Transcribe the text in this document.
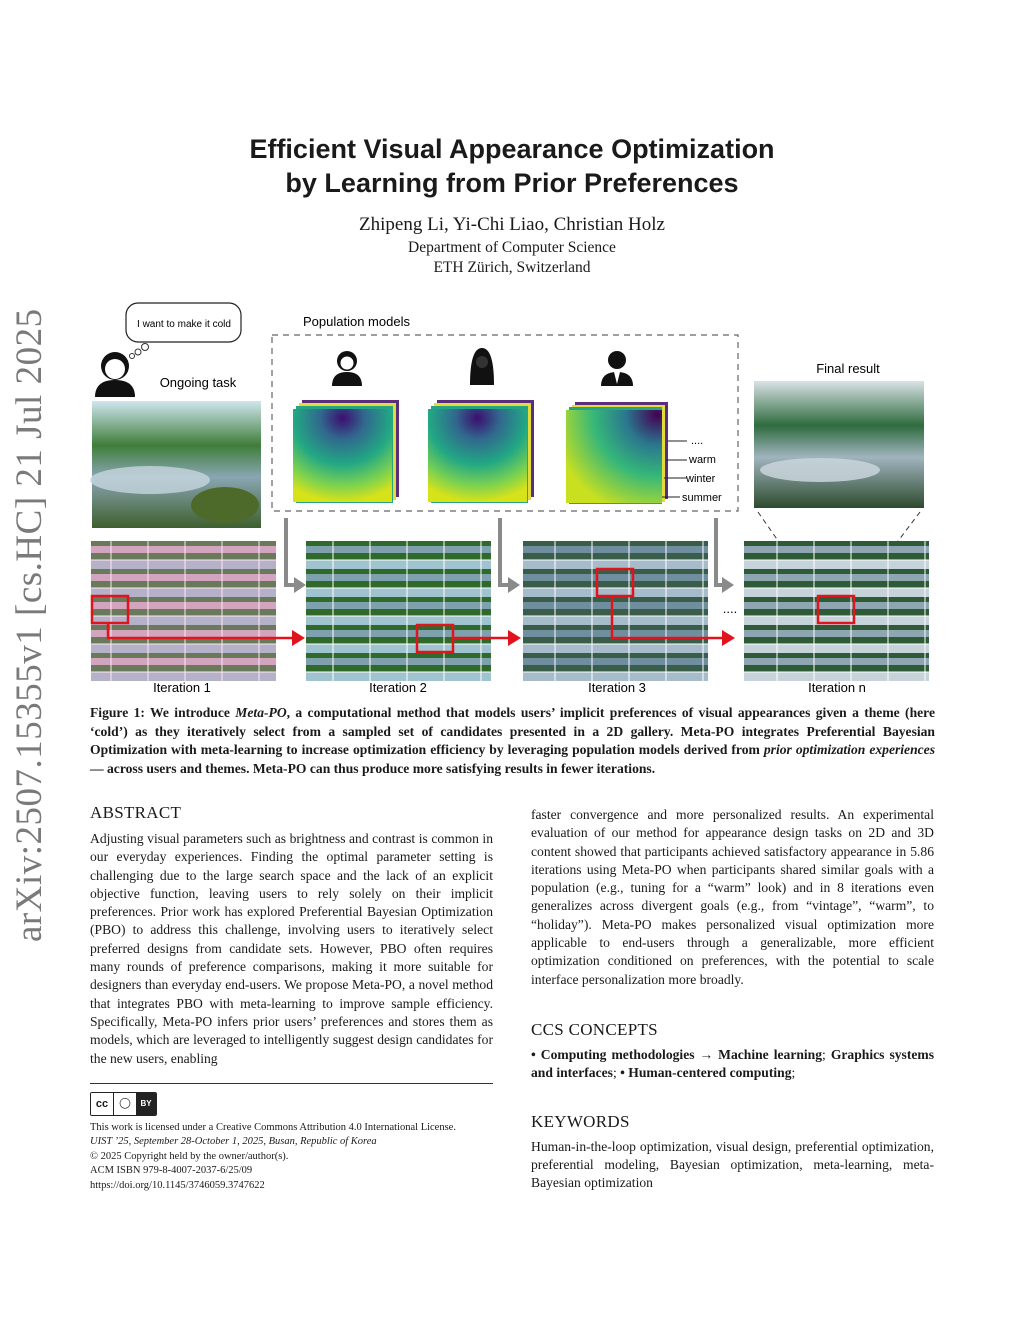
arXiv:2507.15355v1 [cs.HC] 21 Jul 2025
Efficient Visual Appearance Optimization
by Learning from Prior Preferences
Zhipeng Li, Yi-Chi Liao, Christian Holz
Department of Computer Science
ETH Zürich, Switzerland
I want to make it cold
Ongoing task
Population models
....
warm
winter
summer
Final result
....
Iteration 1	Iteration 2	Iteration 3	Iteration n
Figure 1: We introduce Meta-PO, a computational method that models users’ implicit preferences of visual appearances given a theme (here ‘cold’) as they iteratively select from a sampled set of candidates presented in a 2D gallery. Meta-PO integrates Preferential Bayesian Optimization with meta-learning to increase optimization efficiency by leveraging population models derived from prior optimization experiences — across users and themes. Meta-PO can thus produce more satisfying results in fewer iterations.
ABSTRACT
Adjusting visual parameters such as brightness and contrast is common in our everyday experiences. Finding the optimal parameter setting is challenging due to the large search space and the lack of an explicit objective function, leaving users to rely solely on their implicit preferences. Prior work has explored Preferential Bayesian Optimization (PBO) to address this challenge, involving users to iteratively select preferred designs from candidate sets. However, PBO often requires many rounds of preference comparisons, making it more suitable for designers than everyday end-users. We propose Meta-PO, a novel method that integrates PBO with meta-learning to improve sample efficiency. Specifically, Meta-PO infers prior users’ preferences and stores them as models, which are leveraged to intelligently suggest design candidates for the new users, enabling
cc	◯	BY
This work is licensed under a Creative Commons Attribution 4.0 International License.
UIST ’25, September 28-October 1, 2025, Busan, Republic of Korea
© 2025 Copyright held by the owner/author(s).
ACM ISBN 979-8-4007-2037-6/25/09
https://doi.org/10.1145/3746059.3747622
faster convergence and more personalized results. An experimental evaluation of our method for appearance design tasks on 2D and 3D content showed that participants achieved satisfactory appearance in 5.86 iterations using Meta-PO when participants shared similar goals with a population (e.g., tuning for a “warm” look) and in 8 iterations even generalizes across divergent goals (e.g., from “vintage”, “warm”, to “holiday”). Meta-PO makes personalized visual optimization more applicable to end-users through a generalizable, more efficient optimization conditioned on preferences, with the potential to scale interface personalization more broadly.
CCS CONCEPTS
• Computing methodologies → Machine learning; Graphics systems and interfaces; • Human-centered computing;
KEYWORDS
Human-in-the-loop optimization, visual design, preferential optimization, preferential modeling, Bayesian optimization, meta-learning, meta-Bayesian optimization
